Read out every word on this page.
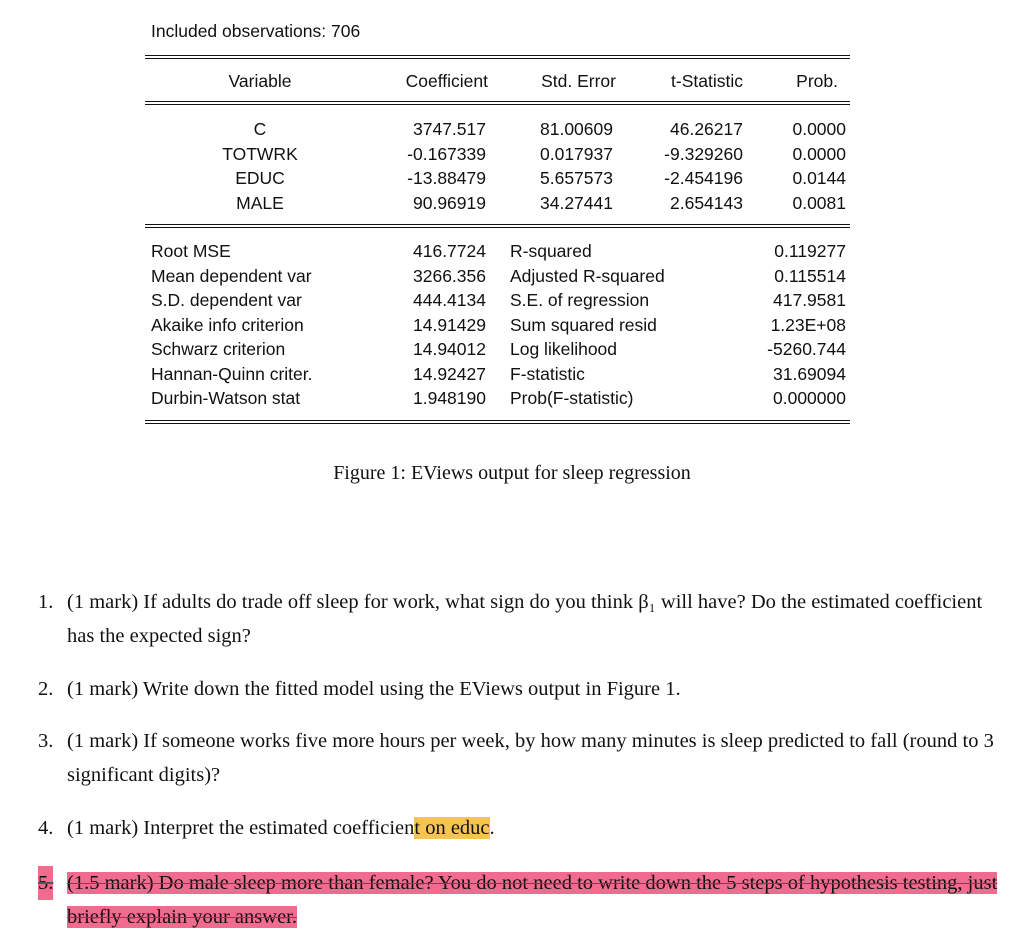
Included observations: 706
Variable	Coefficient	Std. Error	t-Statistic	Prob.
C	3747.517	81.00609	46.26217	0.0000
TOTWRK	-0.167339	0.017937	-9.329260	0.0000
EDUC	-13.88479	5.657573	-2.454196	0.0144
MALE	90.96919	34.27441	2.654143	0.0081
Root MSE	416.7724 R-squared	0.119277
Mean dependent var	3266.356 Adjusted R-squared	0.115514
S.D. dependent var	444.4134 S.E. of regression	417.9581
Akaike info criterion	14.91429 Sum squared resid	1.23E+08
Schwarz criterion	14.94012 Log likelihood	-5260.744
Hannan-Quinn criter.	14.92427 F-statistic	31.69094
Durbin-Watson stat	1.948190 Prob(F-statistic)	0.000000
Figure 1: EViews output for sleep regression
1. (1 mark) If adults do trade off sleep for work, what sign do you think β₁ will have? Do the estimated coefficient has the expected sign?
2. (1 mark) Write down the fitted model using the EViews output in Figure 1.
3. (1 mark) If someone works five more hours per week, by how many minutes is sleep predicted to fall (round to 3 significant digits)?
4. (1 mark) Interpret the estimated coefficient on educ.
5. (1.5 mark) Do male sleep more than female? You do not need to write down the 5 steps of hypothesis testing, just briefly explain your answer.
